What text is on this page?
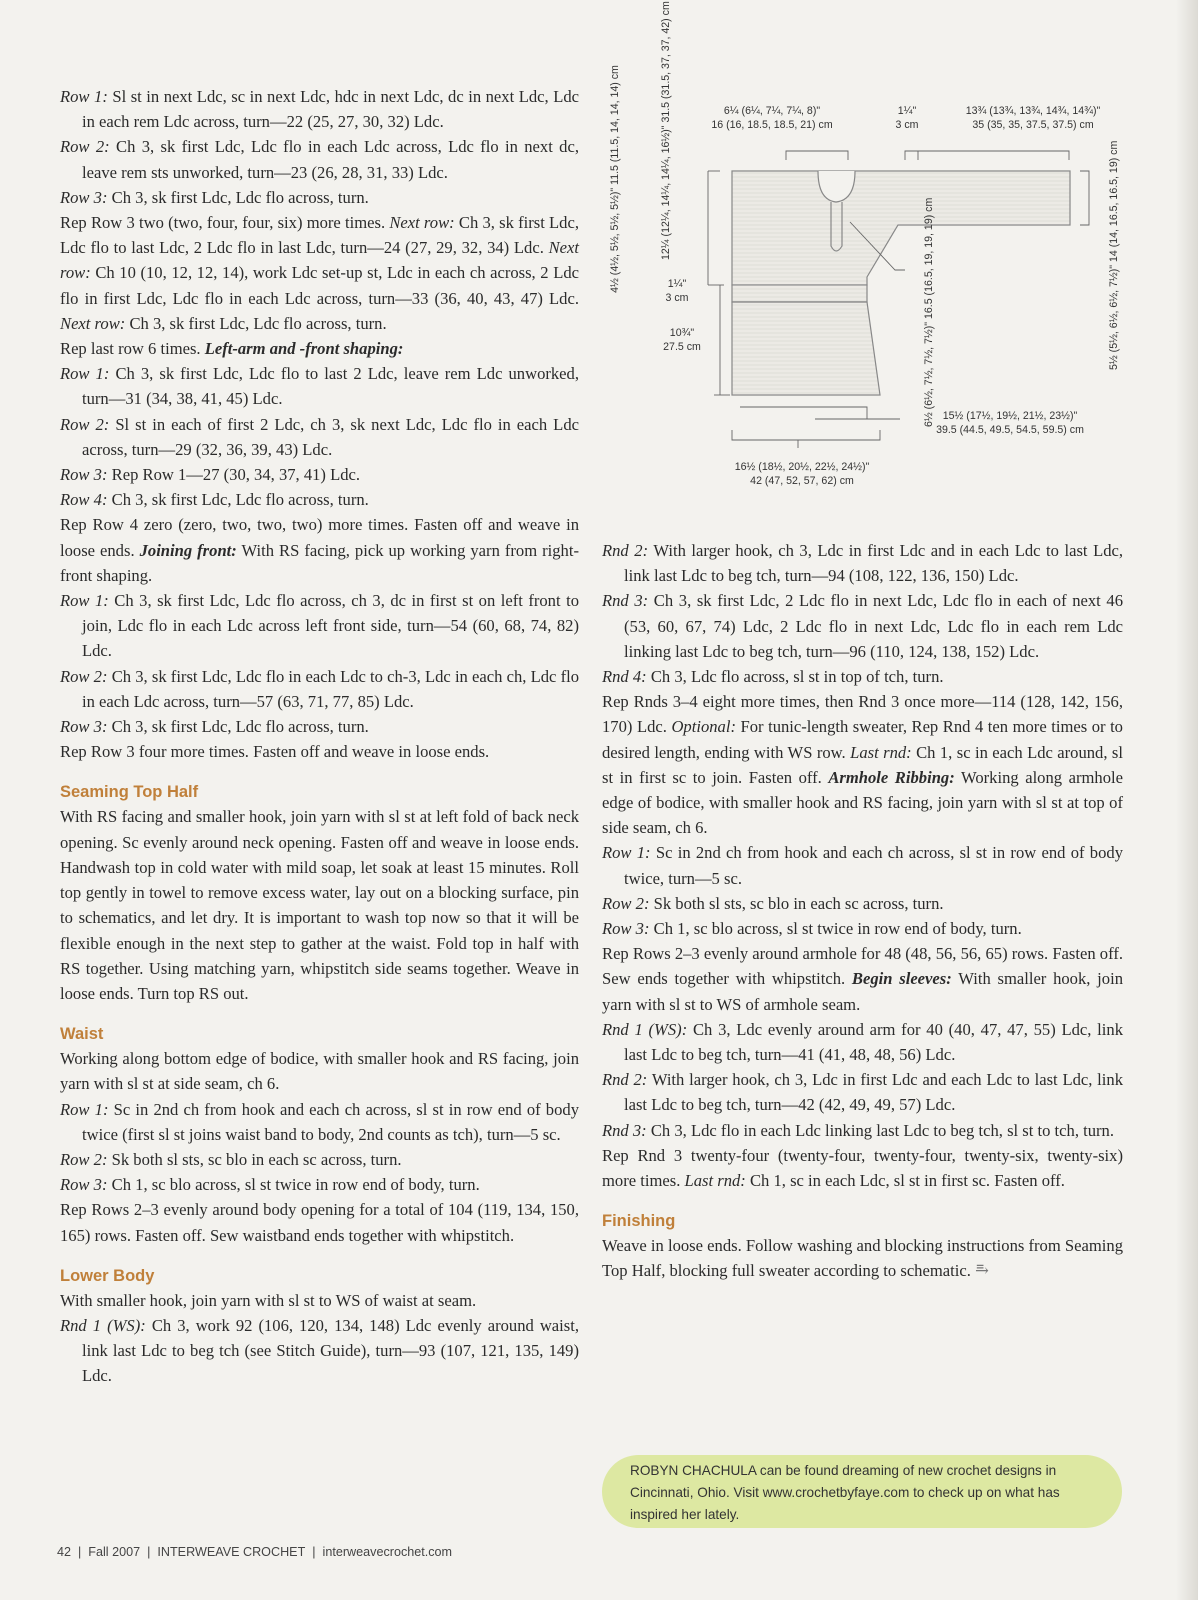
Row 1: Sl st in next Ldc, sc in next Ldc, hdc in next Ldc, dc in next Ldc, Ldc in each rem Ldc across, turn—22 (25, 27, 30, 32) Ldc.

Row 2: Ch 3, sk first Ldc, Ldc flo in each Ldc across, Ldc flo in next dc, leave rem sts unworked, turn—23 (26, 28, 31, 33) Ldc.

Row 3: Ch 3, sk first Ldc, Ldc flo across, turn.

Rep Row 3 two (two, four, four, six) more times. Next row: Ch 3, sk first Ldc, Ldc flo to last Ldc, 2 Ldc flo in last Ldc, turn—24 (27, 29, 32, 34) Ldc. Next row: Ch 10 (10, 12, 12, 14), work Ldc set-up st, Ldc in each ch across, 2 Ldc flo in first Ldc, Ldc flo in each Ldc across, turn—33 (36, 40, 43, 47) Ldc. Next row: Ch 3, sk first Ldc, Ldc flo across, turn.

Rep last row 6 times. Left-arm and -front shaping:

Row 1: Ch 3, sk first Ldc, Ldc flo to last 2 Ldc, leave rem Ldc unworked, turn—31 (34, 38, 41, 45) Ldc.

Row 2: Sl st in each of first 2 Ldc, ch 3, sk next Ldc, Ldc flo in each Ldc across, turn—29 (32, 36, 39, 43) Ldc.

Row 3: Rep Row 1—27 (30, 34, 37, 41) Ldc.

Row 4: Ch 3, sk first Ldc, Ldc flo across, turn.

Rep Row 4 zero (zero, two, two, two) more times. Fasten off and weave in loose ends. Joining front: With RS facing, pick up working yarn from right-front shaping.

Row 1: Ch 3, sk first Ldc, Ldc flo across, ch 3, dc in first st on left front to join, Ldc flo in each Ldc across left front side, turn—54 (60, 68, 74, 82) Ldc.

Row 2: Ch 3, sk first Ldc, Ldc flo in each Ldc to ch-3, Ldc in each ch, Ldc flo in each Ldc across, turn—57 (63, 71, 77, 85) Ldc.

Row 3: Ch 3, sk first Ldc, Ldc flo across, turn.

Rep Row 3 four more times. Fasten off and weave in loose ends.

Seaming Top Half

With RS facing and smaller hook, join yarn with sl st at left fold of back neck opening. Sc evenly around neck opening. Fasten off and weave in loose ends. Handwash top in cold water with mild soap, let soak at least 15 minutes. Roll top gently in towel to remove excess water, lay out on a blocking surface, pin to schematics, and let dry. It is important to wash top now so that it will be flexible enough in the next step to gather at the waist. Fold top in half with RS together. Using matching yarn, whipstitch side seams together. Weave in loose ends. Turn top RS out.

Waist

Working along bottom edge of bodice, with smaller hook and RS facing, join yarn with sl st at side seam, ch 6.

Row 1: Sc in 2nd ch from hook and each ch across, sl st in row end of body twice (first sl st joins waist band to body, 2nd counts as tch), turn—5 sc.

Row 2: Sk both sl sts, sc blo in each sc across, turn.

Row 3: Ch 1, sc blo across, sl st twice in row end of body, turn.

Rep Rows 2–3 evenly around body opening for a total of 104 (119, 134, 150, 165) rows. Fasten off. Sew waistband ends together with whipstitch.

Lower Body

With smaller hook, join yarn with sl st to WS of waist at seam.

Rnd 1 (WS): Ch 3, work 92 (106, 120, 134, 148) Ldc evenly around waist, link last Ldc to beg tch (see Stitch Guide), turn—93 (107, 121, 135, 149) Ldc.

6¼ (6¼, 7¼, 7¼, 8)"
16 (16, 18.5, 18.5, 21) cm
1¼"
3 cm
13¾ (13¾, 13¾, 14¾, 14¾)"
35 (35, 35, 37.5, 37.5) cm
4½ (4½, 5½, 5½, 5½)" 11.5 (11.5, 14, 14, 14) cm	12¼ (12¼, 14¼, 14¼, 16½)" 31.5 (31.5, 37, 37, 42) cm	5½ (5½, 6½, 6½, 7½)" 14 (14, 16.5, 16.5, 19) cm
6½ (6½, 7½, 7½, 7½)" 16.5 (16.5, 19, 19, 19) cm
1¼"
3 cm
10¾"
27.5 cm
15½ (17½, 19½, 21½, 23½)"
39.5 (44.5, 49.5, 54.5, 59.5) cm
16½ (18½, 20½, 22½, 24½)"
42 (47, 52, 57, 62) cm

Rnd 2: With larger hook, ch 3, Ldc in first Ldc and in each Ldc to last Ldc, link last Ldc to beg tch, turn—94 (108, 122, 136, 150) Ldc.

Rnd 3: Ch 3, sk first Ldc, 2 Ldc flo in next Ldc, Ldc flo in each of next 46 (53, 60, 67, 74) Ldc, 2 Ldc flo in next Ldc, Ldc flo in each rem Ldc linking last Ldc to beg tch, turn—96 (110, 124, 138, 152) Ldc.

Rnd 4: Ch 3, Ldc flo across, sl st in top of tch, turn.

Rep Rnds 3–4 eight more times, then Rnd 3 once more—114 (128, 142, 156, 170) Ldc. Optional: For tunic-length sweater, Rep Rnd 4 ten more times or to desired length, ending with WS row. Last rnd: Ch 1, sc in each Ldc around, sl st in first sc to join. Fasten off. Armhole Ribbing: Working along armhole edge of bodice, with smaller hook and RS facing, join yarn with sl st at top of side seam, ch 6.

Row 1: Sc in 2nd ch from hook and each ch across, sl st in row end of body twice, turn—5 sc.

Row 2: Sk both sl sts, sc blo in each sc across, turn.

Row 3: Ch 1, sc blo across, sl st twice in row end of body, turn.

Rep Rows 2–3 evenly around armhole for 48 (48, 56, 56, 65) rows. Fasten off. Sew ends together with whipstitch. Begin sleeves: With smaller hook, join yarn with sl st to WS of armhole seam.

Rnd 1 (WS): Ch 3, Ldc evenly around arm for 40 (40, 47, 47, 55) Ldc, link last Ldc to beg tch, turn—41 (41, 48, 48, 56) Ldc.

Rnd 2: With larger hook, ch 3, Ldc in first Ldc and each Ldc to last Ldc, link last Ldc to beg tch, turn—42 (42, 49, 49, 57) Ldc.

Rnd 3: Ch 3, Ldc flo in each Ldc linking last Ldc to beg tch, sl st to tch, turn.

Rep Rnd 3 twenty-four (twenty-four, twenty-four, twenty-six, twenty-six) more times. Last rnd: Ch 1, sc in each Ldc, sl st in first sc. Fasten off.

Finishing

Weave in loose ends. Follow washing and blocking instructions from Seaming Top Half, blocking full sweater according to schematic. ⥱

ROBYN CHACHULA can be found dreaming of new crochet designs in Cincinnati, Ohio. Visit www.crochetbyfaye.com to check up on what has inspired her lately.
42 | Fall 2007 | INTERWEAVE CROCHET | interweavecrochet.com
